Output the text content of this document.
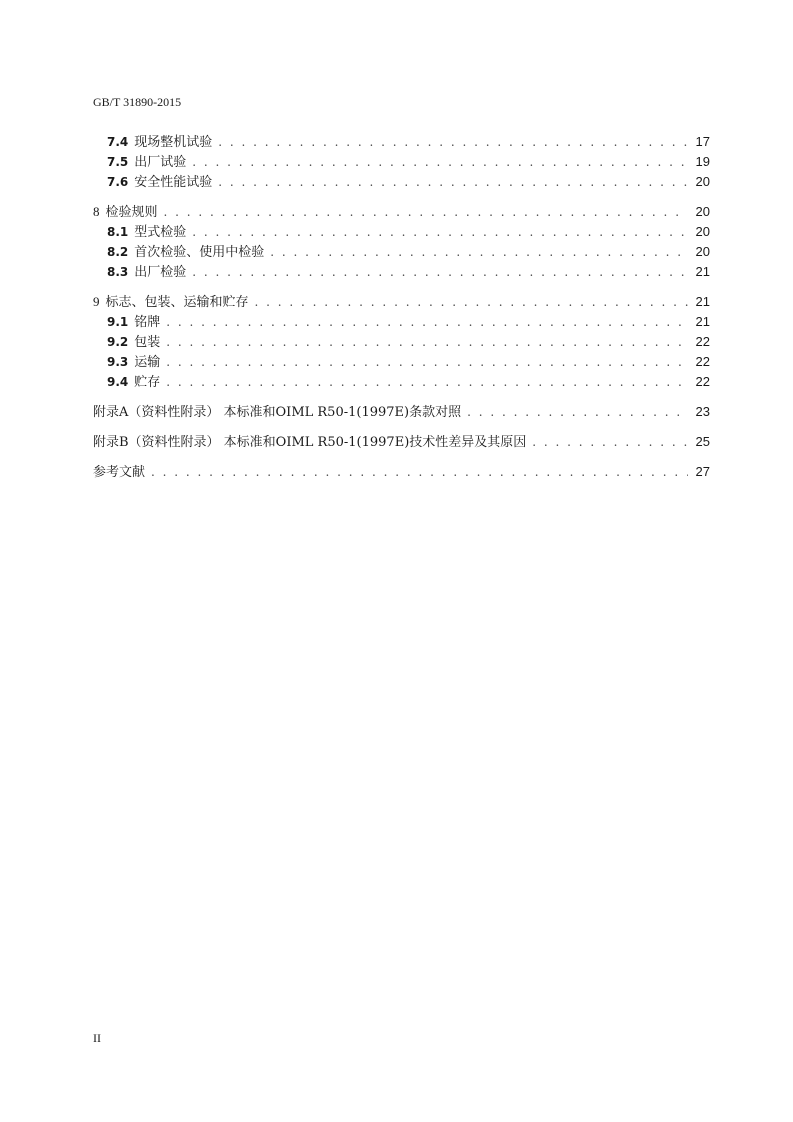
GB/T 31890-2015
7.4 现场整机试验 . . .	17
7.5 出厂试验 . . .	19
7.6 安全性能试验 . . .	20
8 检验规则 . . .	20
8.1 型式检验 . . .	20
8.2 首次检验、使用中检验 . . .	20
8.3 出厂检验 . . .	21
9 标志、包装、运输和贮存 . . .	21
9.1 铭牌 . . .	21
9.2 包装 . . .	22
9.3 运输 . . .	22
9.4 贮存 . . .	22
附录A（资料性附录） 本标准和OIML R50-1(1997E)条款对照 . . .	23
附录B（资料性附录） 本标准和OIML R50-1(1997E)技术性差异及其原因 . . .	25
参考文献 . . .	27
II
